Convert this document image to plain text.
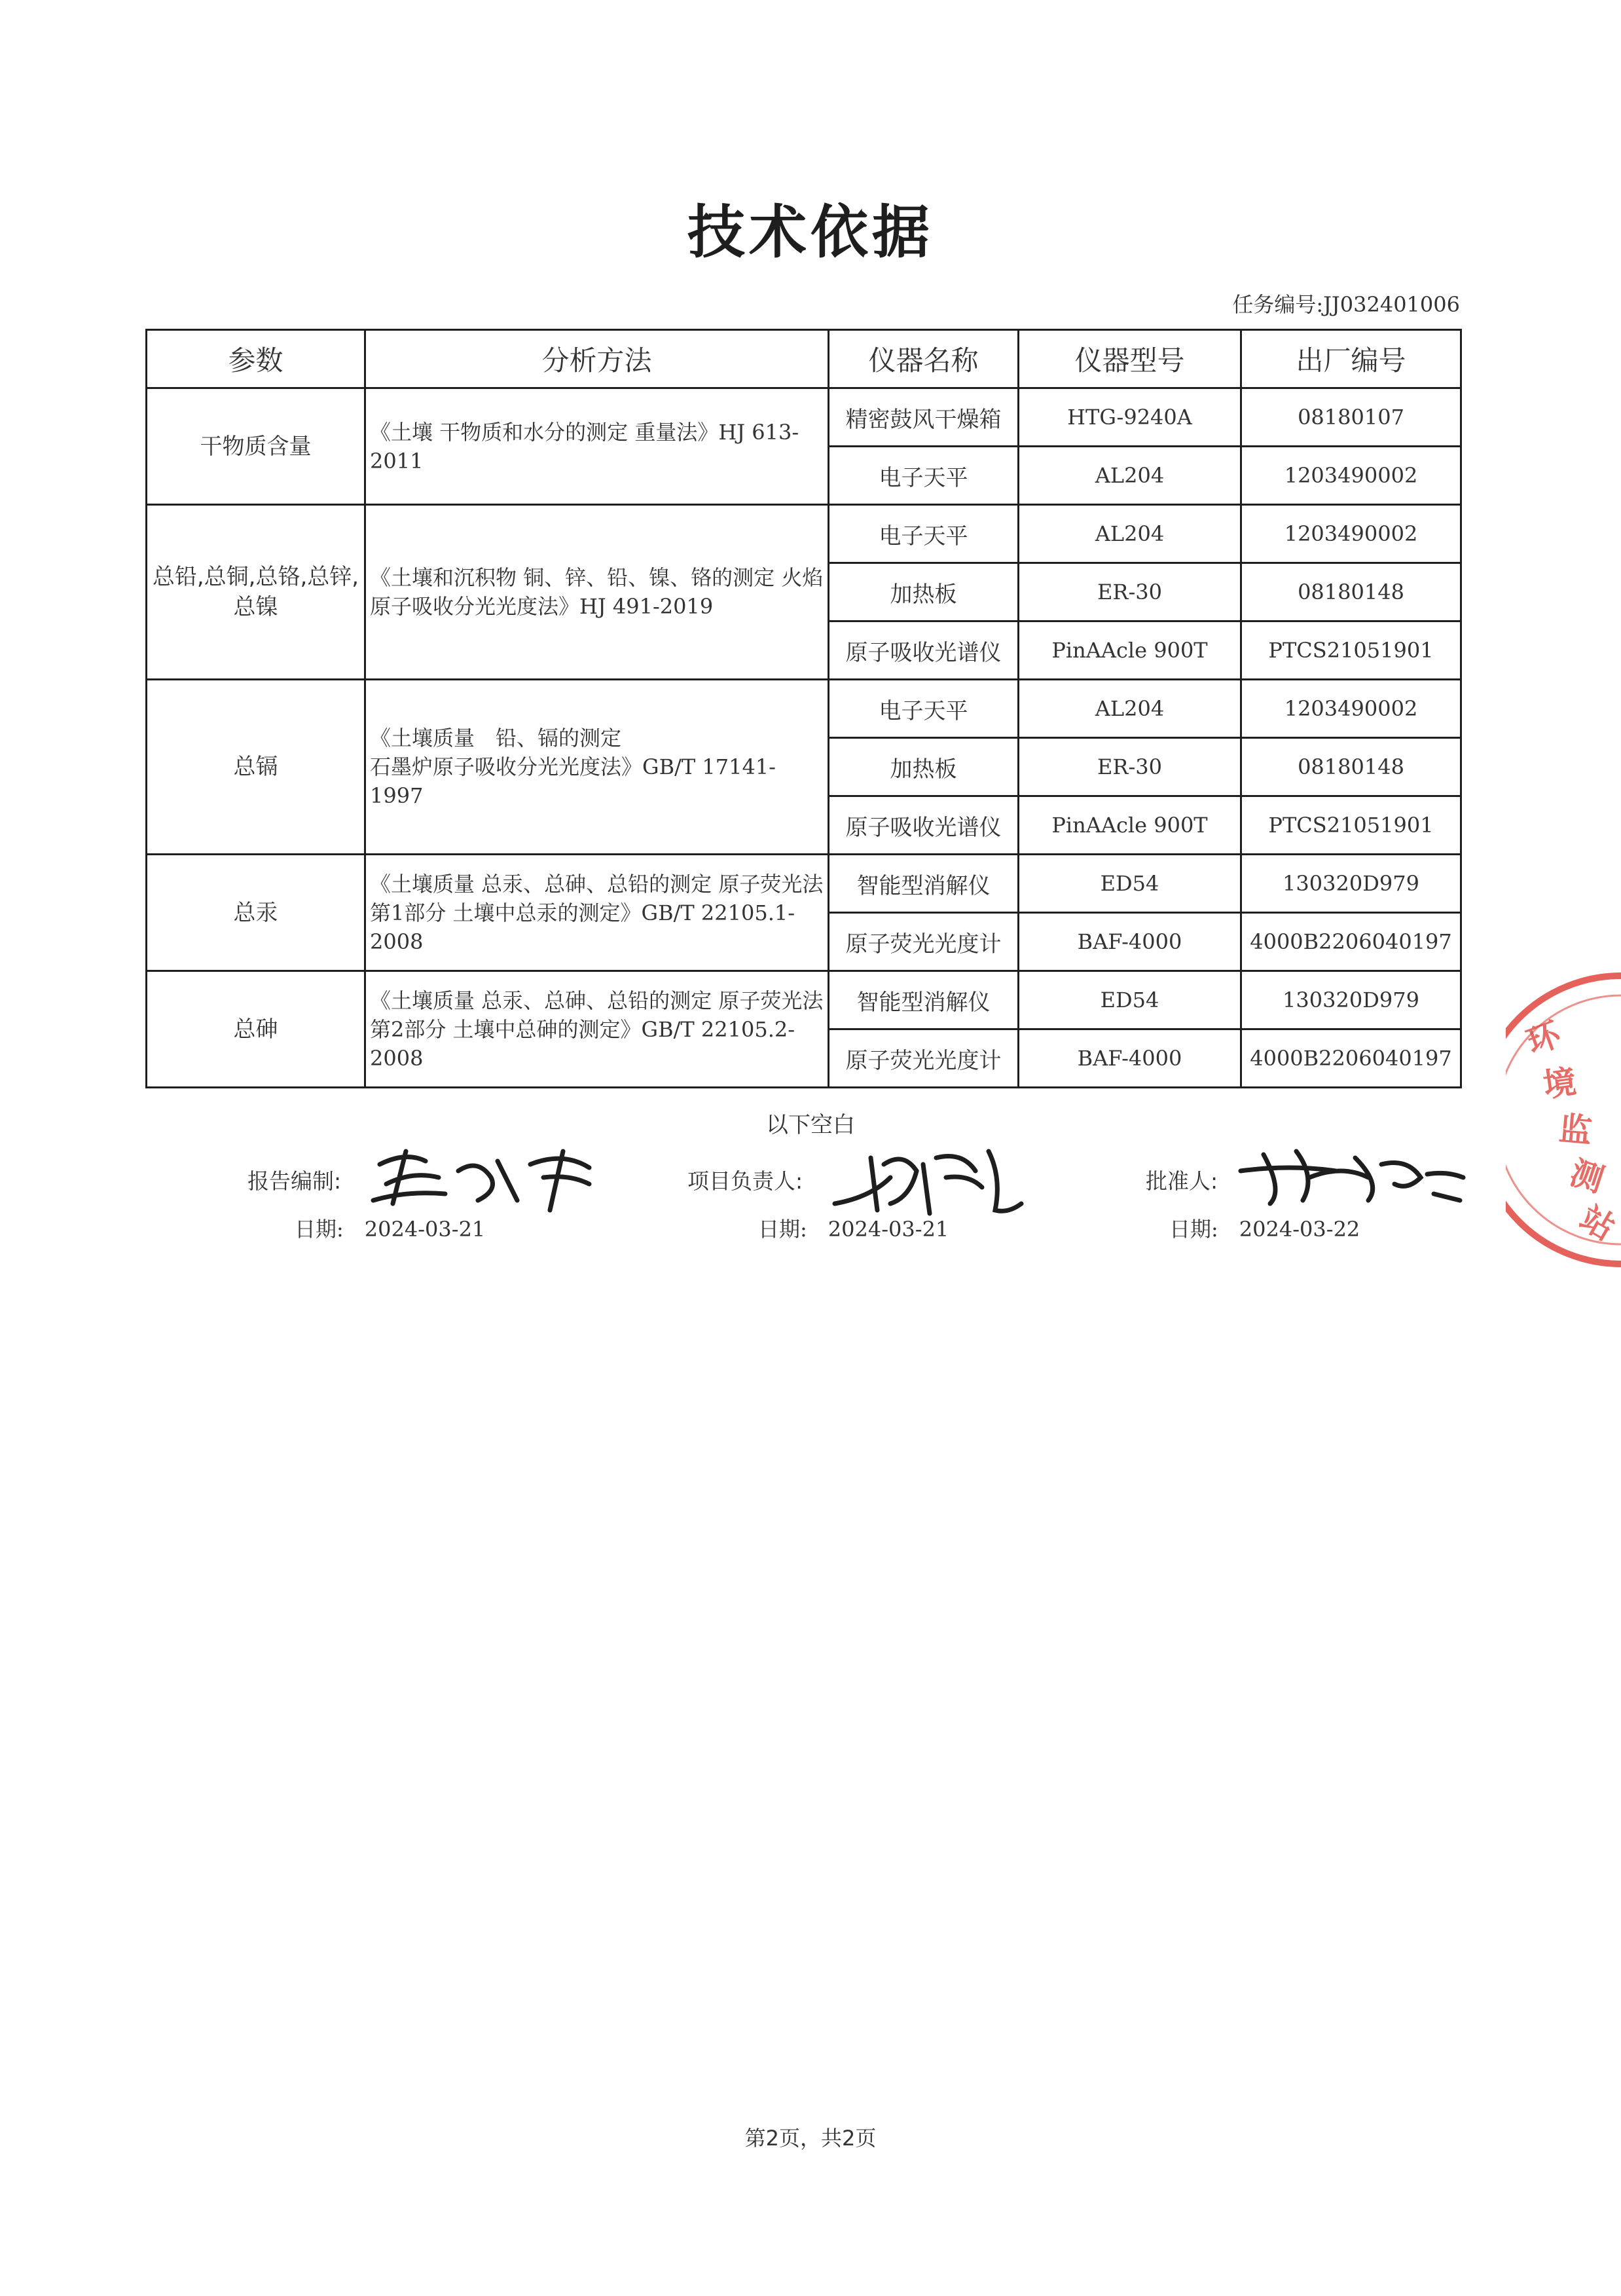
技术依据
任务编号:JJ032401006
参数	分析方法	仪器名称	仪器型号	出厂编号
干物质含量	《土壤 干物质和水分的测定 重量法》HJ 613-2011	精密鼓风干燥箱	HTG-9240A	08180107
		电子天平	AL204	1203490002
总铅,总铜,总铬,总锌,总镍	《土壤和沉积物 铜、锌、铅、镍、铬的测定 火焰原子吸收分光光度法》HJ 491-2019	电子天平	AL204	1203490002
		加热板	ER-30	08180148
		原子吸收光谱仪	PinAAcle 900T	PTCS21051901
总镉	《土壤质量　铅、镉的测定
石墨炉原子吸收分光光度法》GB/T 17141-1997	电子天平	AL204	1203490002
		加热板	ER-30	08180148
		原子吸收光谱仪	PinAAcle 900T	PTCS21051901
总汞	《土壤质量 总汞、总砷、总铅的测定 原子荧光法 第1部分 土壤中总汞的测定》GB/T 22105.1-2008	智能型消解仪	ED54	130320D979
		原子荧光光度计	BAF-4000	4000B2206040197
总砷	《土壤质量 总汞、总砷、总铅的测定 原子荧光法 第2部分 土壤中总砷的测定》GB/T 22105.2-2008	智能型消解仪	ED54	130320D979
		原子荧光光度计	BAF-4000	4000B2206040197
以下空白
报告编制:	项目负责人:	批准人:
日期:　2024-03-21	日期:　2024-03-21	日期:　2024-03-22
环
境
监
测
站
第2页，共2页
